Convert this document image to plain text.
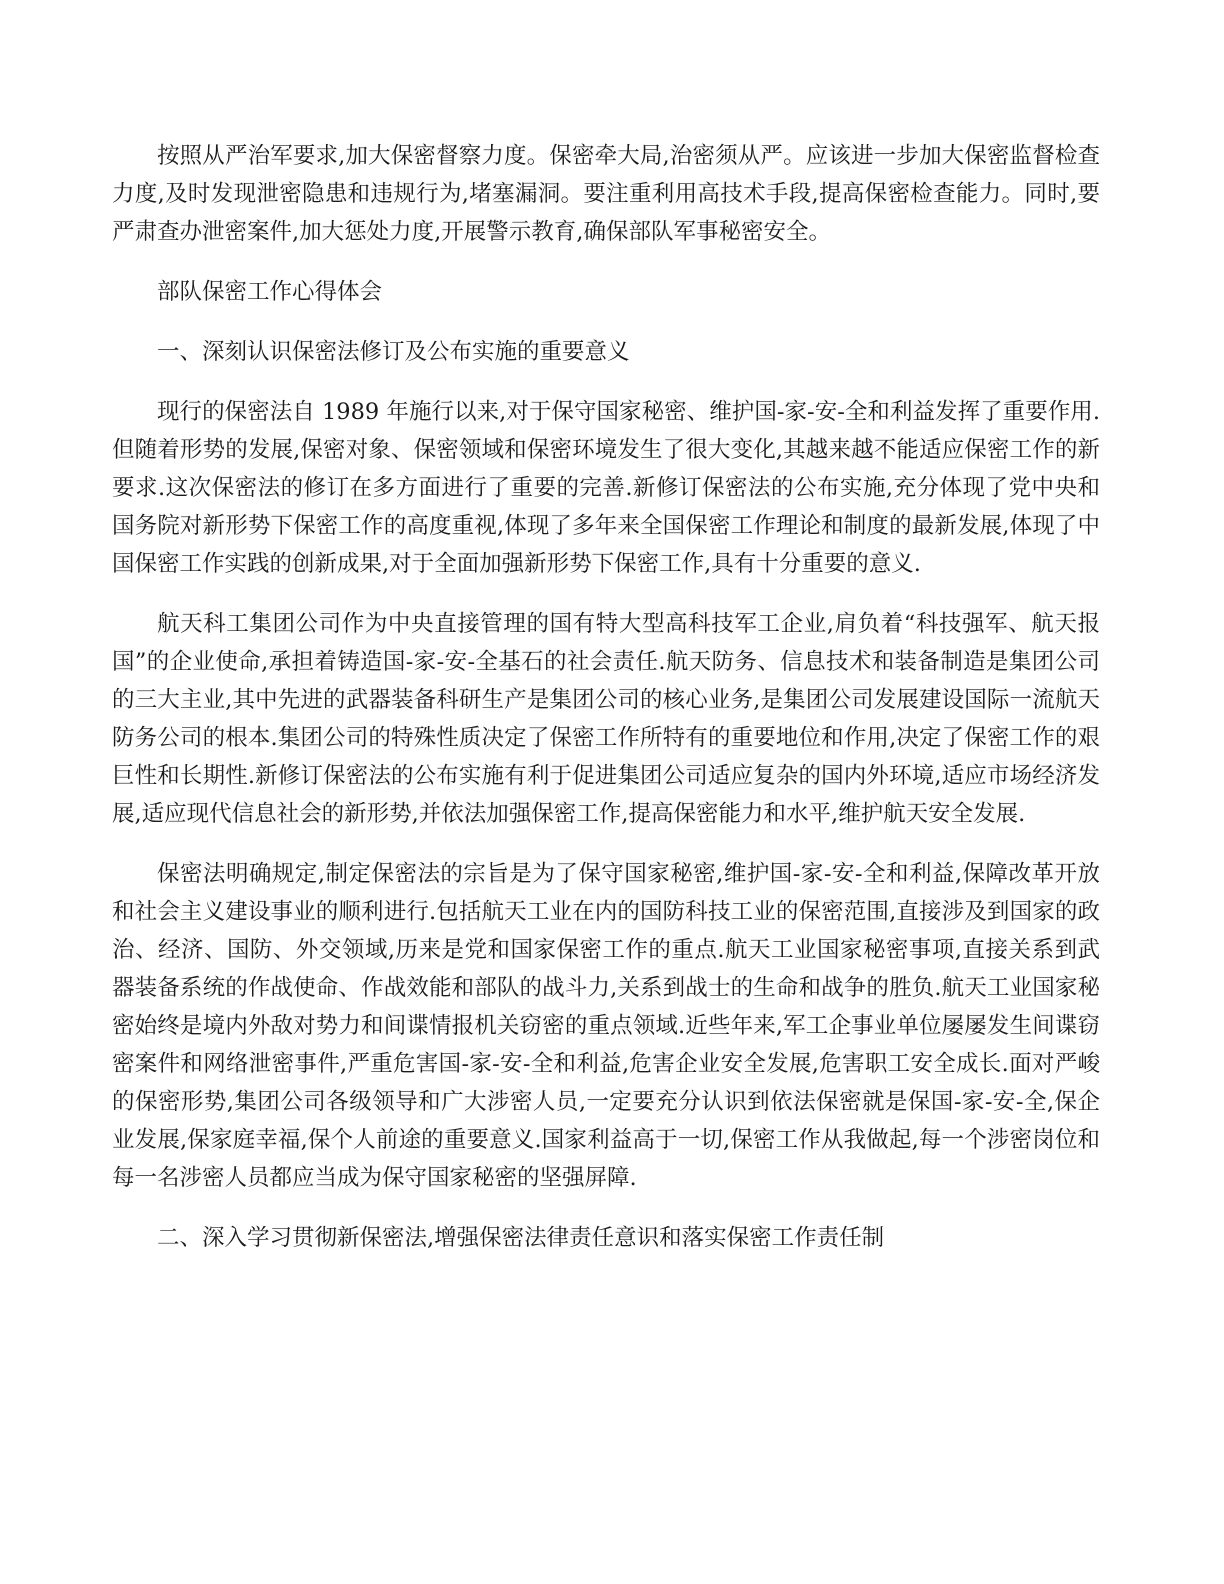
按照从严治军要求,加大保密督察力度。保密牵大局,治密须从严。应该进一步加大保密监督检查力度,及时发现泄密隐患和违规行为,堵塞漏洞。要注重利用高技术手段,提高保密检查能力。同时,要严肃查办泄密案件,加大惩处力度,开展警示教育,确保部队军事秘密安全。

部队保密工作心得体会

一、深刻认识保密法修订及公布实施的重要意义

现行的保密法自 1989 年施行以来,对于保守国家秘密、维护国-家-安-全和利益发挥了重要作用.但随着形势的发展,保密对象、保密领域和保密环境发生了很大变化,其越来越不能适应保密工作的新要求.这次保密法的修订在多方面进行了重要的完善.新修订保密法的公布实施,充分体现了党中央和国务院对新形势下保密工作的高度重视,体现了多年来全国保密工作理论和制度的最新发展,体现了中国保密工作实践的创新成果,对于全面加强新形势下保密工作,具有十分重要的意义.

航天科工集团公司作为中央直接管理的国有特大型高科技军工企业,肩负着“科技强军、航天报国”的企业使命,承担着铸造国-家-安-全基石的社会责任.航天防务、信息技术和装备制造是集团公司的三大主业,其中先进的武器装备科研生产是集团公司的核心业务,是集团公司发展建设国际一流航天防务公司的根本.集团公司的特殊性质决定了保密工作所特有的重要地位和作用,决定了保密工作的艰巨性和长期性.新修订保密法的公布实施有利于促进集团公司适应复杂的国内外环境,适应市场经济发展,适应现代信息社会的新形势,并依法加强保密工作,提高保密能力和水平,维护航天安全发展.

保密法明确规定,制定保密法的宗旨是为了保守国家秘密,维护国-家-安-全和利益,保障改革开放和社会主义建设事业的顺利进行.包括航天工业在内的国防科技工业的保密范围,直接涉及到国家的政治、经济、国防、外交领域,历来是党和国家保密工作的重点.航天工业国家秘密事项,直接关系到武器装备系统的作战使命、作战效能和部队的战斗力,关系到战士的生命和战争的胜负.航天工业国家秘密始终是境内外敌对势力和间谍情报机关窃密的重点领域.近些年来,军工企事业单位屡屡发生间谍窃密案件和网络泄密事件,严重危害国-家-安-全和利益,危害企业安全发展,危害职工安全成长.面对严峻的保密形势,集团公司各级领导和广大涉密人员,一定要充分认识到依法保密就是保国-家-安-全,保企业发展,保家庭幸福,保个人前途的重要意义.国家利益高于一切,保密工作从我做起,每一个涉密岗位和每一名涉密人员都应当成为保守国家秘密的坚强屏障.

二、深入学习贯彻新保密法,增强保密法律责任意识和落实保密工作责任制
